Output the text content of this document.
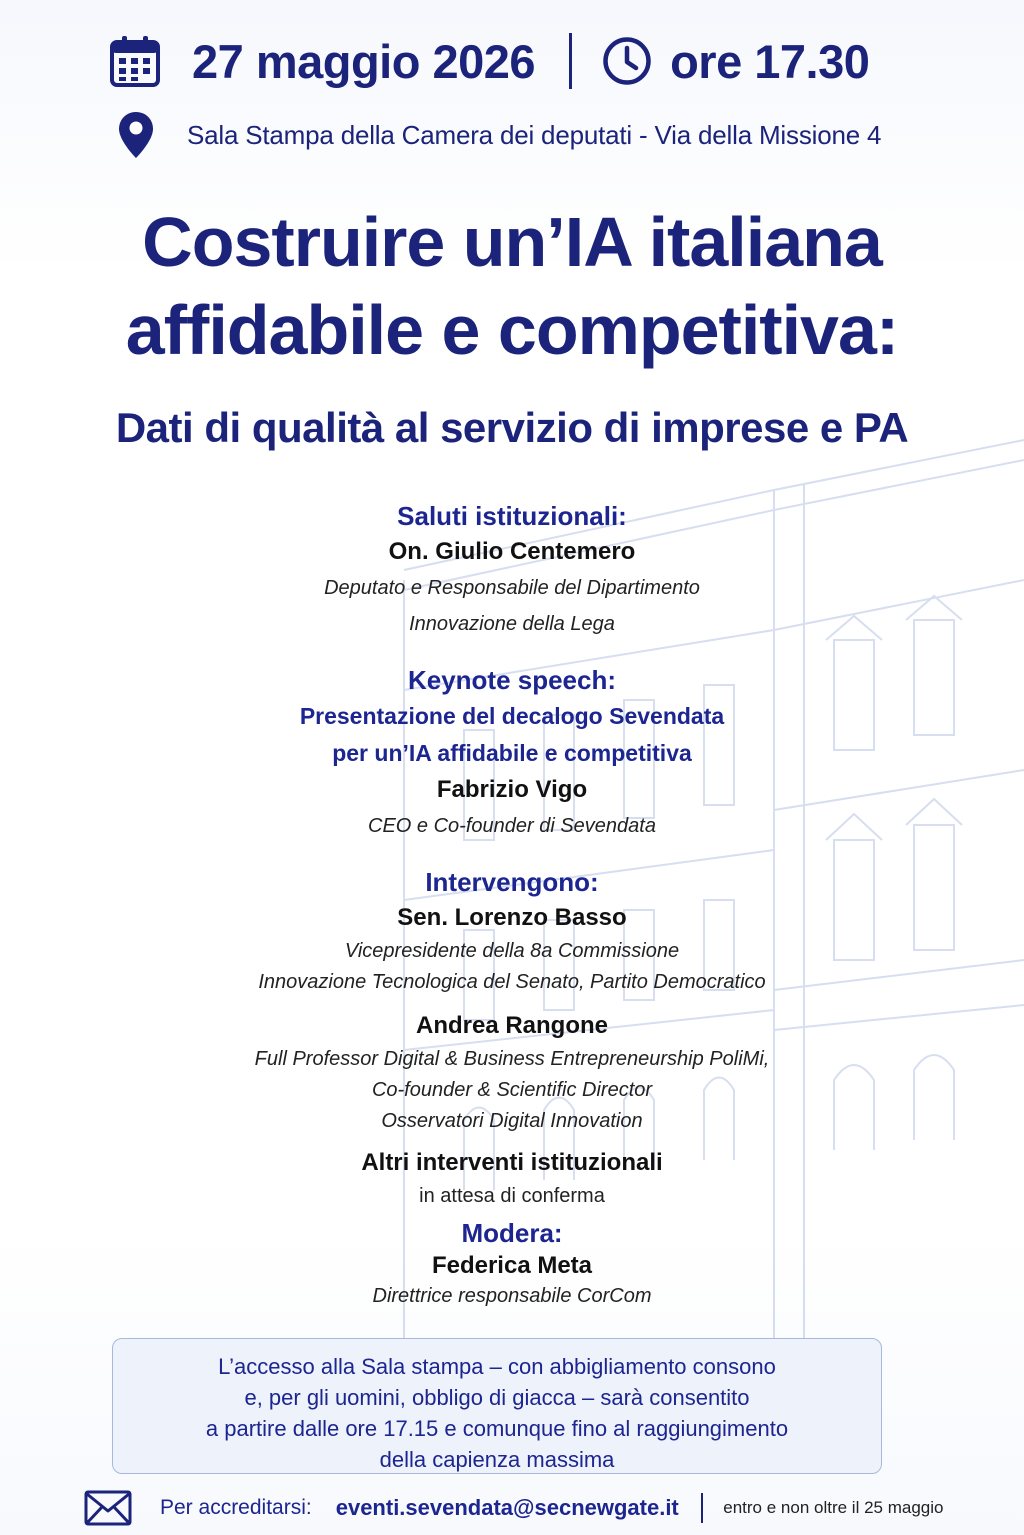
27 maggio 2026	ore 17.30
Sala Stampa della Camera dei deputati - Via della Missione 4
Costruire un’IA italiana
affidabile e competitiva:
Dati di qualità al servizio di imprese e PA
Saluti istituzionali:
On. Giulio Centemero
Deputato e Responsabile del Dipartimento
Innovazione della Lega
Keynote speech:
Presentazione del decalogo Sevendata
per un’IA affidabile e competitiva
Fabrizio Vigo
CEO e Co-founder di Sevendata
Intervengono:
Sen. Lorenzo Basso
Vicepresidente della 8a Commissione
Innovazione Tecnologica del Senato, Partito Democratico
Andrea Rangone
Full Professor Digital & Business Entrepreneurship PoliMi,
Co-founder & Scientific Director
Osservatori Digital Innovation
Altri interventi istituzionali
in attesa di conferma
Modera:
Federica Meta
Direttrice responsabile CorCom
L’accesso alla Sala stampa – con abbigliamento consono
e, per gli uomini, obbligo di giacca – sarà consentito
a partire dalle ore 17.15 e comunque fino al raggiungimento
della capienza massima
Per accreditarsi: eventi.sevendata@secnewgate.it	entro e non oltre il 25 maggio
